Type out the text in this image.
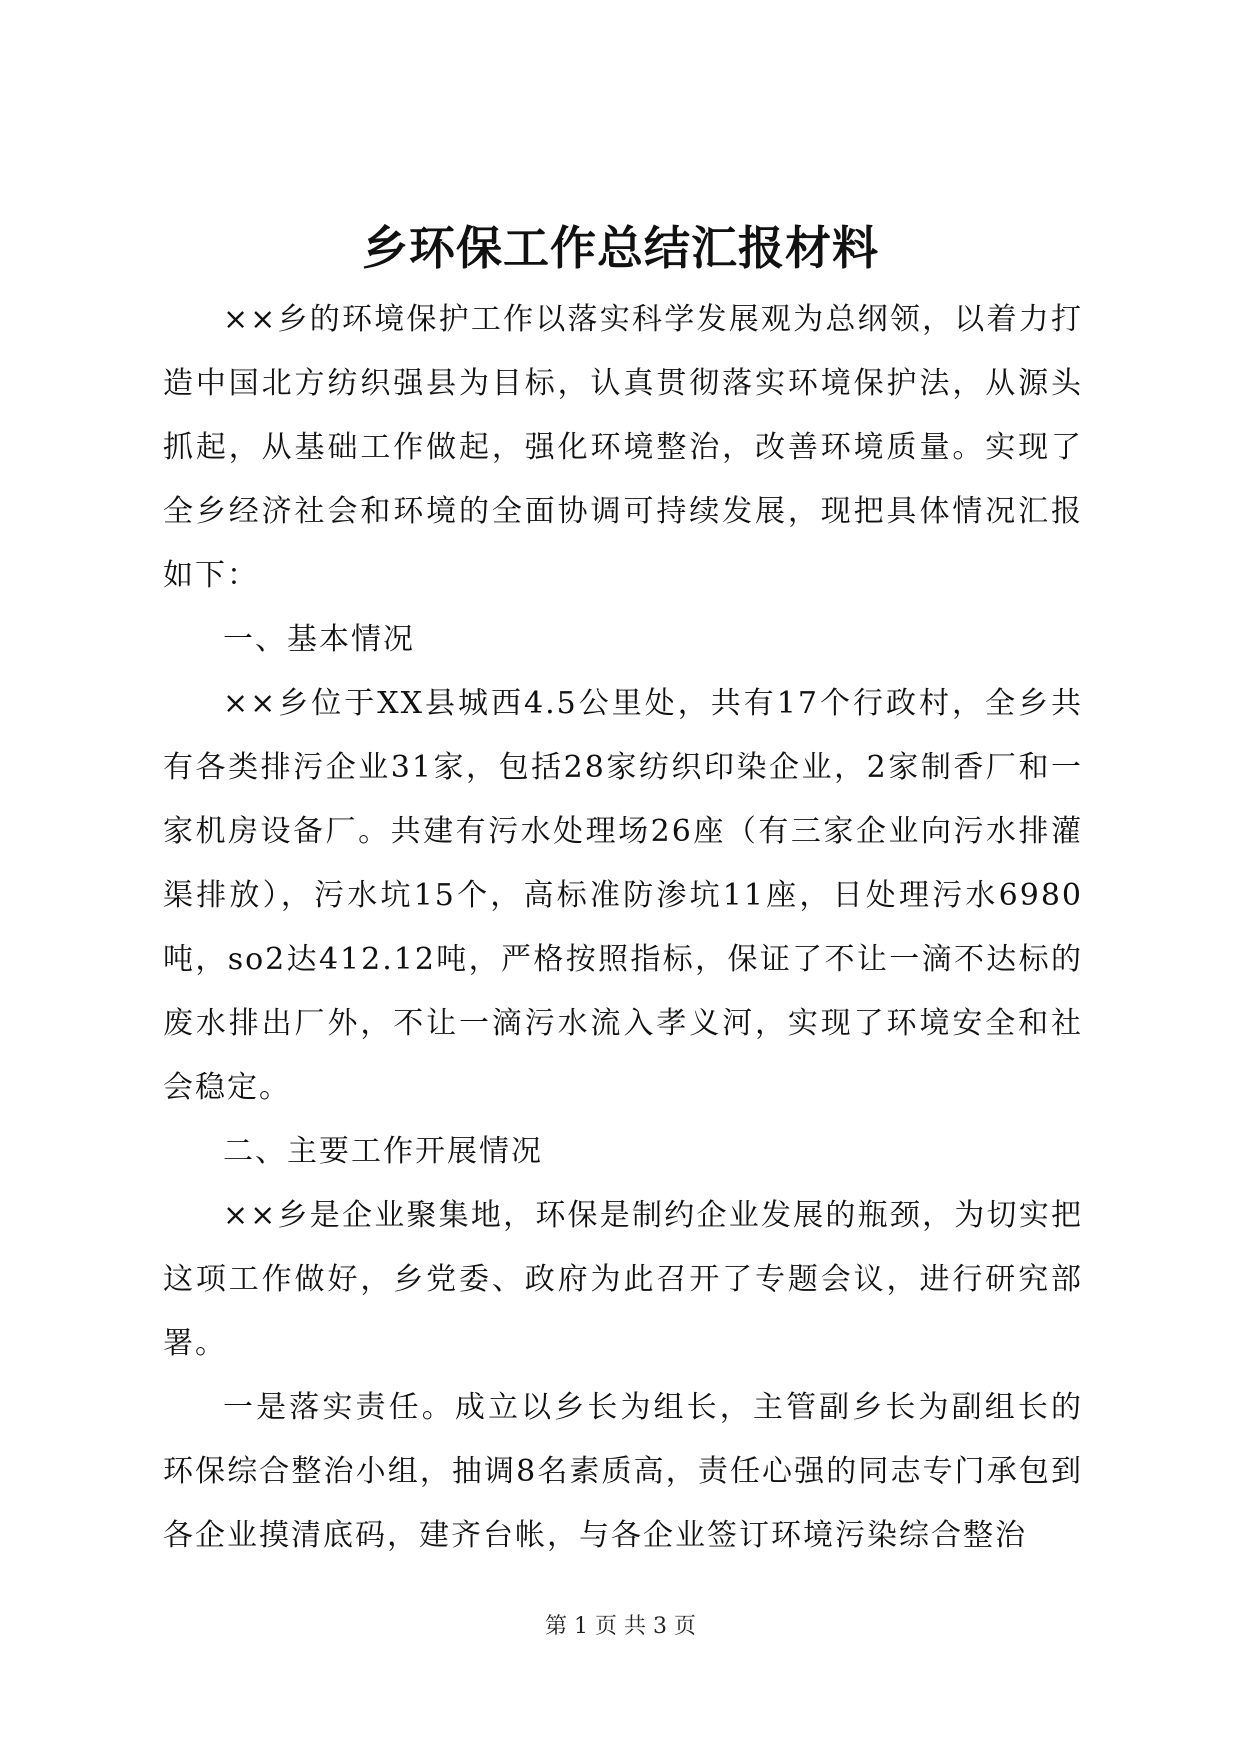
乡环保工作总结汇报材料

××乡的环境保护工作以落实科学发展观为总纲领，以着力打造中国北方纺织强县为目标，认真贯彻落实环境保护法，从源头抓起，从基础工作做起，强化环境整治，改善环境质量。实现了全乡经济社会和环境的全面协调可持续发展，现把具体情况汇报如下：

一、基本情况

××乡位于XX县城西4.5公里处，共有17个行政村，全乡共有各类排污企业31家，包括28家纺织印染企业，2家制香厂和一家机房设备厂。共建有污水处理场26座（有三家企业向污水排灌渠排放），污水坑15个，高标准防渗坑11座，日处理污水6980吨，so2达412.12吨，严格按照指标，保证了不让一滴不达标的废水排出厂外，不让一滴污水流入孝义河，实现了环境安全和社会稳定。

二、主要工作开展情况

××乡是企业聚集地，环保是制约企业发展的瓶颈，为切实把这项工作做好，乡党委、政府为此召开了专题会议，进行研究部署。

一是落实责任。成立以乡长为组长，主管副乡长为副组长的环保综合整治小组，抽调8名素质高，责任心强的同志专门承包到各企业摸清底码，建齐台帐，与各企业签订环境污染综合整治

第 1 页 共 3 页
